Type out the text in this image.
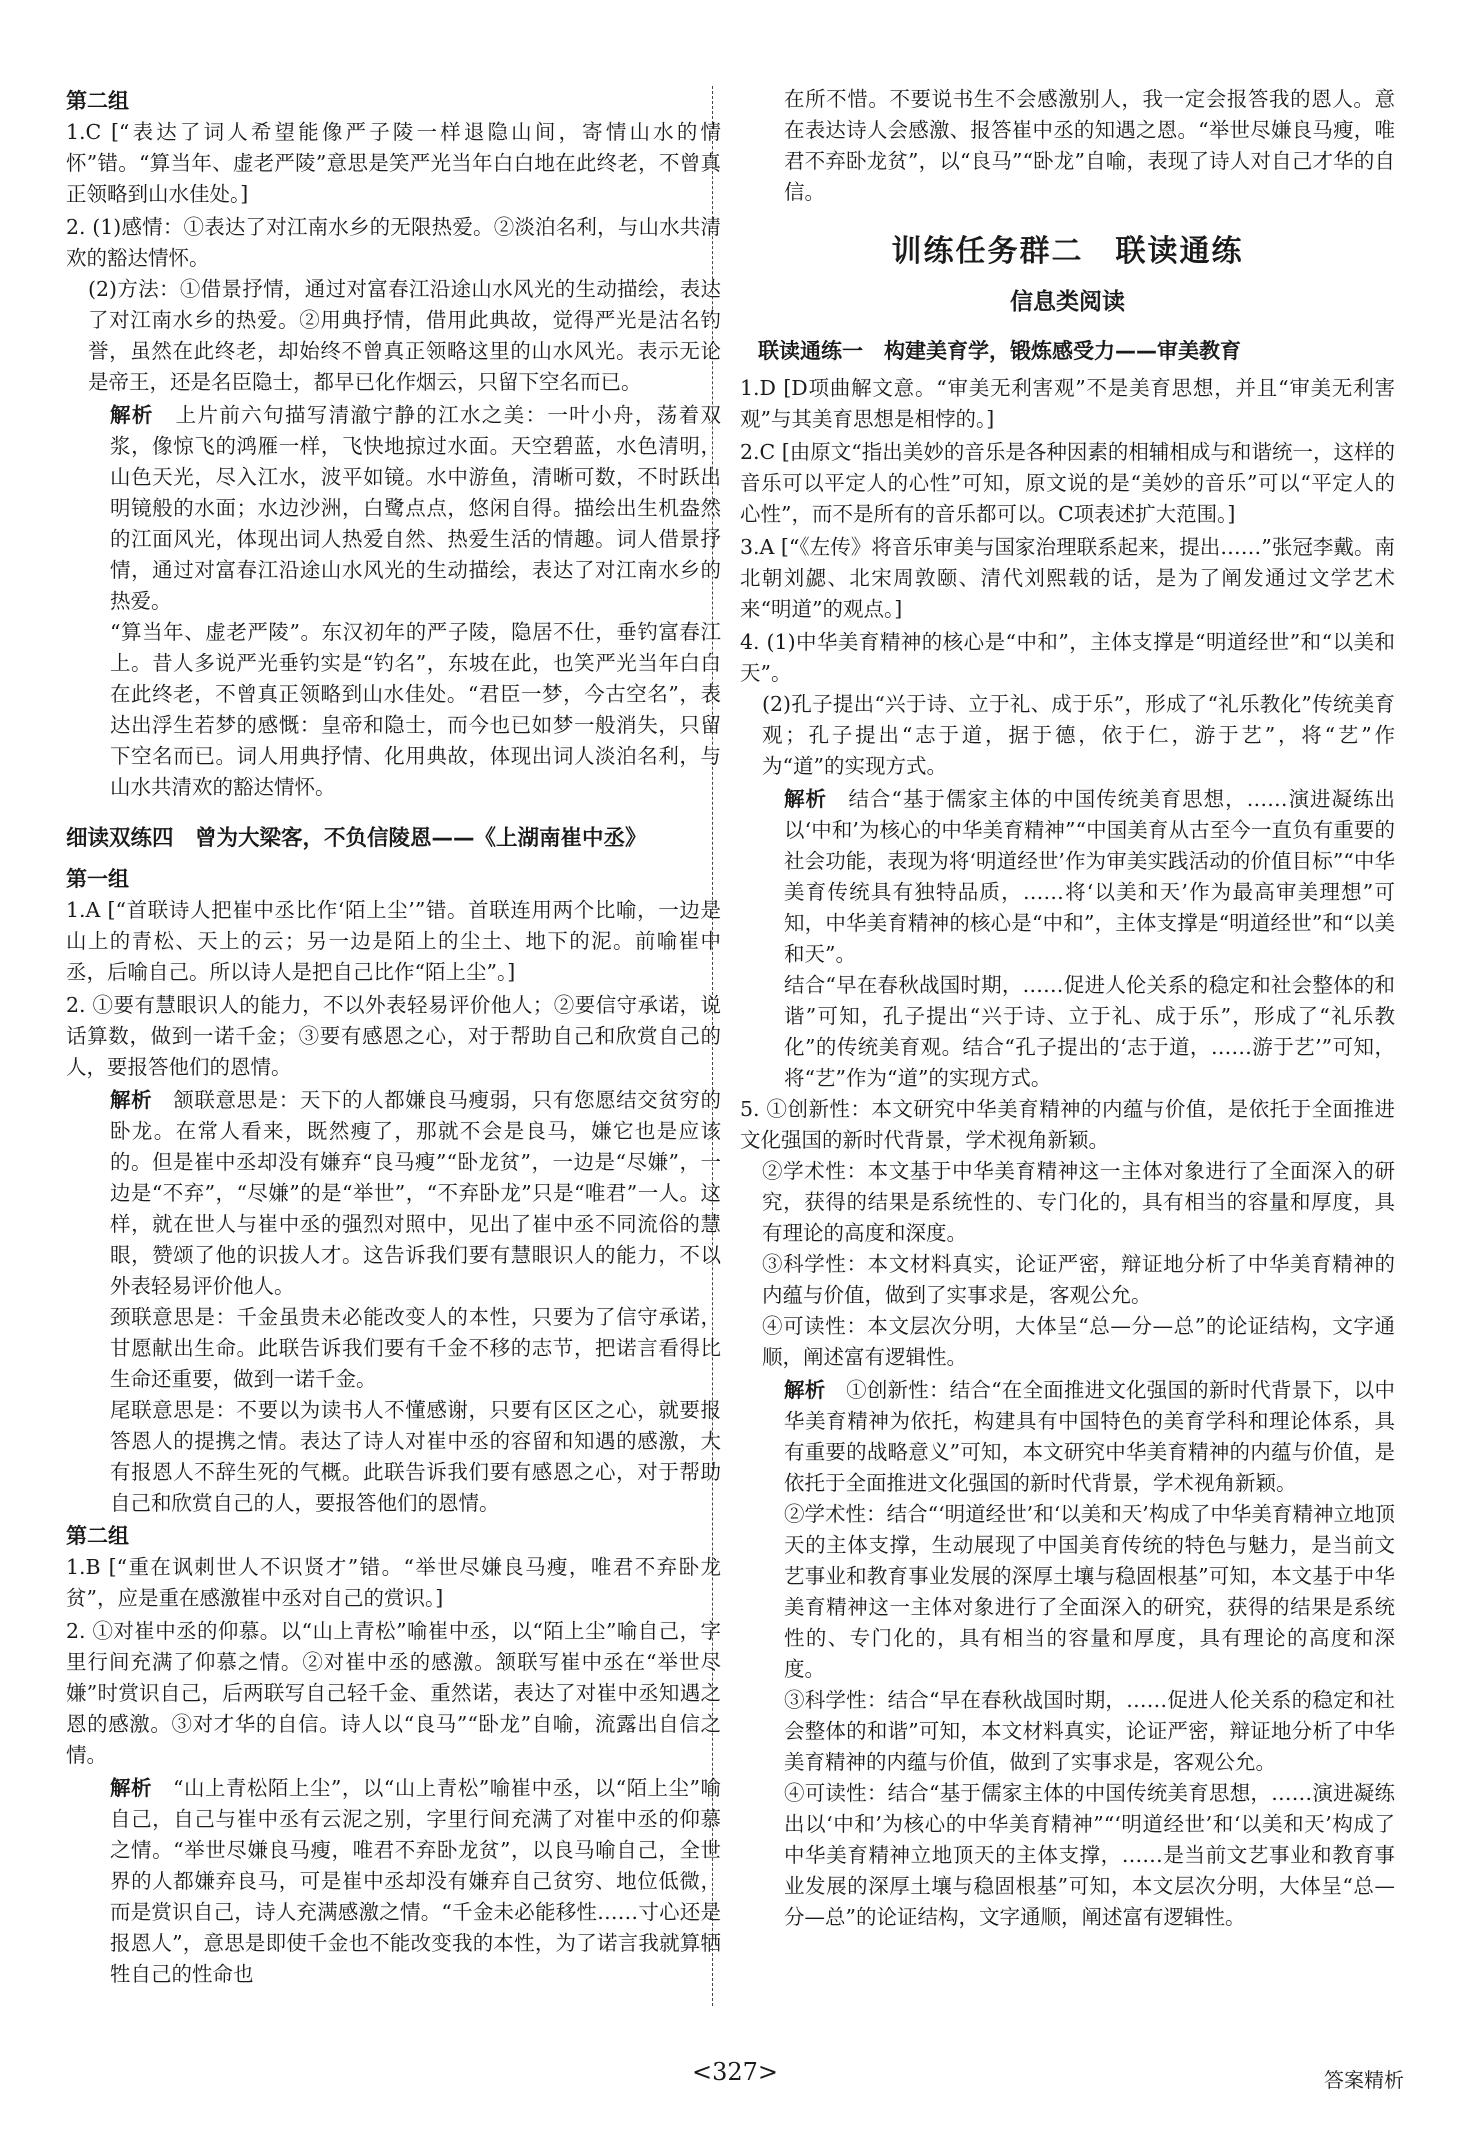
第二组
1.C [“表达了词人希望能像严子陵一样退隐山间，寄情山水的情怀”错。“算当年、虚老严陵”意思是笑严光当年白白地在此终老，不曾真正领略到山水佳处。]
2. (1)感情：①表达了对江南水乡的无限热爱。②淡泊名利，与山水共清欢的豁达情怀。

(2)方法：①借景抒情，通过对富春江沿途山水风光的生动描绘，表达了对江南水乡的热爱。②用典抒情，借用此典故，觉得严光是沽名钓誉，虽然在此终老，却始终不曾真正领略这里的山水风光。表示无论是帝王，还是名臣隐士，都早已化作烟云，只留下空名而已。

解析　 上片前六句描写清澈宁静的江水之美：一叶小舟，荡着双浆，像惊飞的鸿雁一样，飞快地掠过水面。天空碧蓝，水色清明，山色天光，尽入江水，波平如镜。水中游鱼，清晰可数，不时跃出明镜般的水面；水边沙洲，白鹭点点，悠闲自得。描绘出生机盎然的江面风光，体现出词人热爱自然、热爱生活的情趣。词人借景抒情，通过对富春江沿途山水风光的生动描绘，表达了对江南水乡的热爱。

“算当年、虚老严陵”。东汉初年的严子陵，隐居不仕，垂钓富春江上。昔人多说严光垂钓实是“钓名”，东坡在此，也笑严光当年白白在此终老，不曾真正领略到山水佳处。“君臣一梦，今古空名”，表达出浮生若梦的感慨：皇帝和隐士，而今也已如梦一般消失，只留下空名而已。词人用典抒情、化用典故，体现出词人淡泊名利，与山水共清欢的豁达情怀。

细读双练四　曾为大梁客，不负信陵恩——《上湖南崔中丞》
第一组
1.A [“首联诗人把崔中丞比作‘陌上尘’”错。首联连用两个比喻，一边是山上的青松、天上的云；另一边是陌上的尘土、地下的泥。前喻崔中丞，后喻自己。所以诗人是把自己比作“陌上尘”。]
2. ①要有慧眼识人的能力，不以外表轻易评价他人；②要信守承诺，说话算数，做到一诺千金；③要有感恩之心，对于帮助自己和欣赏自己的人，要报答他们的恩情。

解析　 颔联意思是：天下的人都嫌良马瘦弱，只有您愿结交贫穷的卧龙。在常人看来，既然瘦了，那就不会是良马，嫌它也是应该的。但是崔中丞却没有嫌弃“良马瘦”“卧龙贫”，一边是“尽嫌”，一边是“不弃”，“尽嫌”的是“举世”，“不弃卧龙”只是“唯君”一人。这样，就在世人与崔中丞的强烈对照中，见出了崔中丞不同流俗的慧眼，赞颂了他的识拔人才。这告诉我们要有慧眼识人的能力，不以外表轻易评价他人。

颈联意思是：千金虽贵未必能改变人的本性，只要为了信守承诺，甘愿献出生命。此联告诉我们要有千金不移的志节，把诺言看得比生命还重要，做到一诺千金。

尾联意思是：不要以为读书人不懂感谢，只要有区区之心，就要报答恩人的提携之情。表达了诗人对崔中丞的容留和知遇的感激，大有报恩人不辞生死的气概。此联告诉我们要有感恩之心，对于帮助自己和欣赏自己的人，要报答他们的恩情。

第二组
1.B [“重在讽刺世人不识贤才”错。“举世尽嫌良马瘦，唯君不弃卧龙贫”，应是重在感激崔中丞对自己的赏识。]
2. ①对崔中丞的仰慕。以“山上青松”喻崔中丞，以“陌上尘”喻自己，字里行间充满了仰慕之情。②对崔中丞的感激。颔联写崔中丞在“举世尽嫌”时赏识自己，后两联写自己轻千金、重然诺，表达了对崔中丞知遇之恩的感激。③对才华的自信。诗人以“良马”“卧龙”自喻，流露出自信之情。

解析　 “山上青松陌上尘”，以“山上青松”喻崔中丞，以“陌上尘”喻自己，自己与崔中丞有云泥之别，字里行间充满了对崔中丞的仰慕之情。“举世尽嫌良马瘦，唯君不弃卧龙贫”，以良马喻自己，全世界的人都嫌弃良马，可是崔中丞却没有嫌弃自己贫穷、地位低微，而是赏识自己，诗人充满感激之情。“千金未必能移性……寸心还是报恩人”，意思是即使千金也不能改变我的本性，为了诺言我就算牺牲自己的性命也

在所不惜。不要说书生不会感激别人，我一定会报答我的恩人。意在表达诗人会感激、报答崔中丞的知遇之恩。“举世尽嫌良马瘦，唯君不弃卧龙贫”，以“良马”“卧龙”自喻，表现了诗人对自己才华的自信。

训练任务群二　联读通练
信息类阅读
联读通练一　构建美育学，锻炼感受力——审美教育
1.D [D项曲解文意。“审美无利害观”不是美育思想，并且“审美无利害观”与其美育思想是相悖的。]
2.C [由原文“指出美妙的音乐是各种因素的相辅相成与和谐统一，这样的音乐可以平定人的心性”可知，原文说的是“美妙的音乐”可以“平定人的心性”，而不是所有的音乐都可以。C项表述扩大范围。]
3.A [“《左传》将音乐审美与国家治理联系起来，提出……”张冠李戴。南北朝刘勰、北宋周敦颐、清代刘熙载的话，是为了阐发通过文学艺术来“明道”的观点。]
4. (1)中华美育精神的核心是“中和”，主体支撑是“明道经世”和“以美和天”。

(2)孔子提出“兴于诗、立于礼、成于乐”，形成了“礼乐教化”传统美育观；孔子提出“志于道，据于德，依于仁，游于艺”，将“艺”作为“道”的实现方式。

解析　 结合“基于儒家主体的中国传统美育思想，……演进凝练出以‘中和’为核心的中华美育精神”“中国美育从古至今一直负有重要的社会功能，表现为将‘明道经世’作为审美实践活动的价值目标”“中华美育传统具有独特品质，……将‘以美和天’作为最高审美理想”可知，中华美育精神的核心是“中和”，主体支撑是“明道经世”和“以美和天”。

结合“早在春秋战国时期，……促进人伦关系的稳定和社会整体的和谐”可知，孔子提出“兴于诗、立于礼、成于乐”，形成了“礼乐教化”的传统美育观。结合“孔子提出的‘志于道，……游于艺’”可知，将“艺”作为“道”的实现方式。

5. ①创新性：本文研究中华美育精神的内蕴与价值，是依托于全面推进文化强国的新时代背景，学术视角新颖。

②学术性：本文基于中华美育精神这一主体对象进行了全面深入的研究，获得的结果是系统性的、专门化的，具有相当的容量和厚度，具有理论的高度和深度。

③科学性：本文材料真实，论证严密，辩证地分析了中华美育精神的内蕴与价值，做到了实事求是，客观公允。

④可读性：本文层次分明，大体呈“总—分—总”的论证结构，文字通顺，阐述富有逻辑性。

解析　 ①创新性：结合“在全面推进文化强国的新时代背景下，以中华美育精神为依托，构建具有中国特色的美育学科和理论体系，具有重要的战略意义”可知，本文研究中华美育精神的内蕴与价值，是依托于全面推进文化强国的新时代背景，学术视角新颖。

②学术性：结合“‘明道经世’和‘以美和天’构成了中华美育精神立地顶天的主体支撑，生动展现了中国美育传统的特色与魅力，是当前文艺事业和教育事业发展的深厚土壤与稳固根基”可知，本文基于中华美育精神这一主体对象进行了全面深入的研究，获得的结果是系统性的、专门化的，具有相当的容量和厚度，具有理论的高度和深度。

③科学性：结合“早在春秋战国时期，……促进人伦关系的稳定和社会整体的和谐”可知，本文材料真实，论证严密，辩证地分析了中华美育精神的内蕴与价值，做到了实事求是，客观公允。

④可读性：结合“基于儒家主体的中国传统美育思想，……演进凝练出以‘中和’为核心的中华美育精神”“‘明道经世’和‘以美和天’构成了中华美育精神立地顶天的主体支撑，……是当前文艺事业和教育事业发展的深厚土壤与稳固根基”可知，本文层次分明，大体呈“总—分—总”的论证结构，文字通顺，阐述富有逻辑性。

<327>	答案精析
